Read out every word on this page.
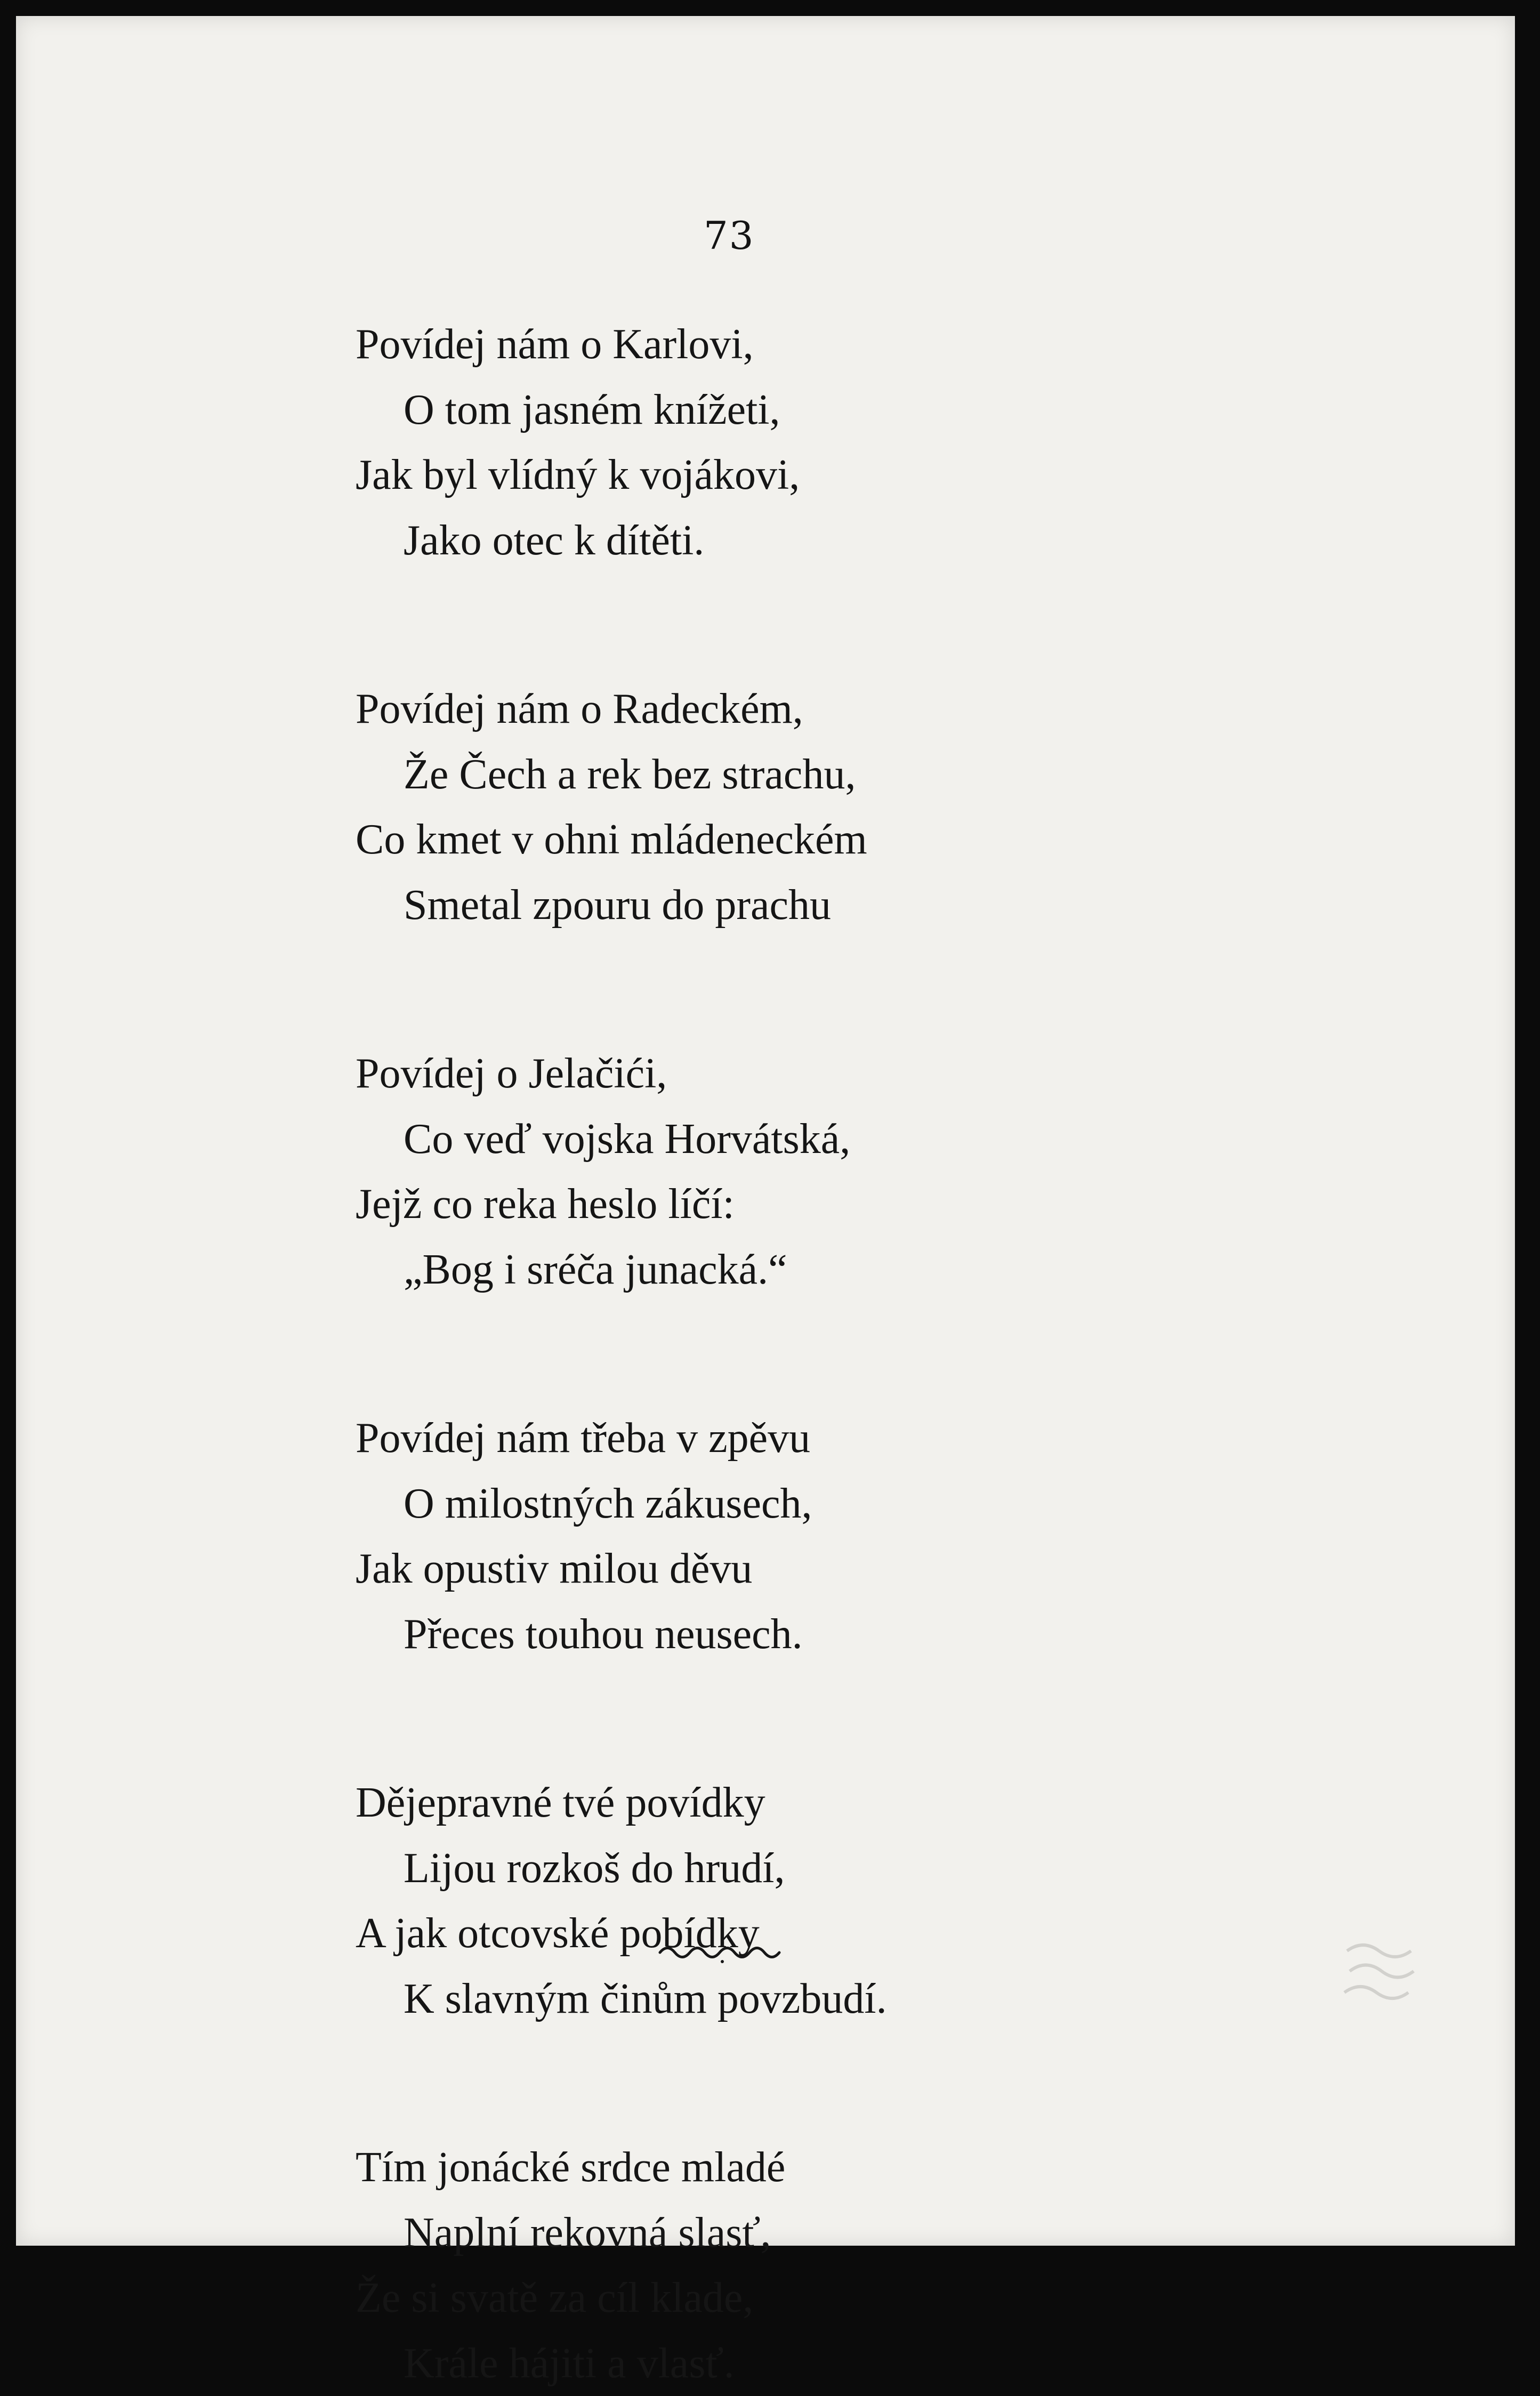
73
Povídej nám o Karlovi,
O tom jasném knížeti,
Jak byl vlídný k vojákovi,
Jako otec k dítěti.
Povídej nám o Radeckém,
Že Čech a rek bez strachu,
Co kmet v ohni mládeneckém
Smetal zpouru do prachu
Povídej o Jelačići,
Co veď vojska Horvátská,
Jejž co reka heslo líčí:
„Bog i sréča junacká.“
Povídej nám třeba v zpěvu
O milostných zákusech,
Jak opustiv milou děvu
Přeces touhou neusech.
Dějepravné tvé povídky
Lijou rozkoš do hrudí,
A jak otcovské pobídky
K slavným činům povzbudí.
Tím jonácké srdce mladé
Naplní rekovná slasť,
Že si svatě za cíl klade,
Krále hájiti a vlasť.
